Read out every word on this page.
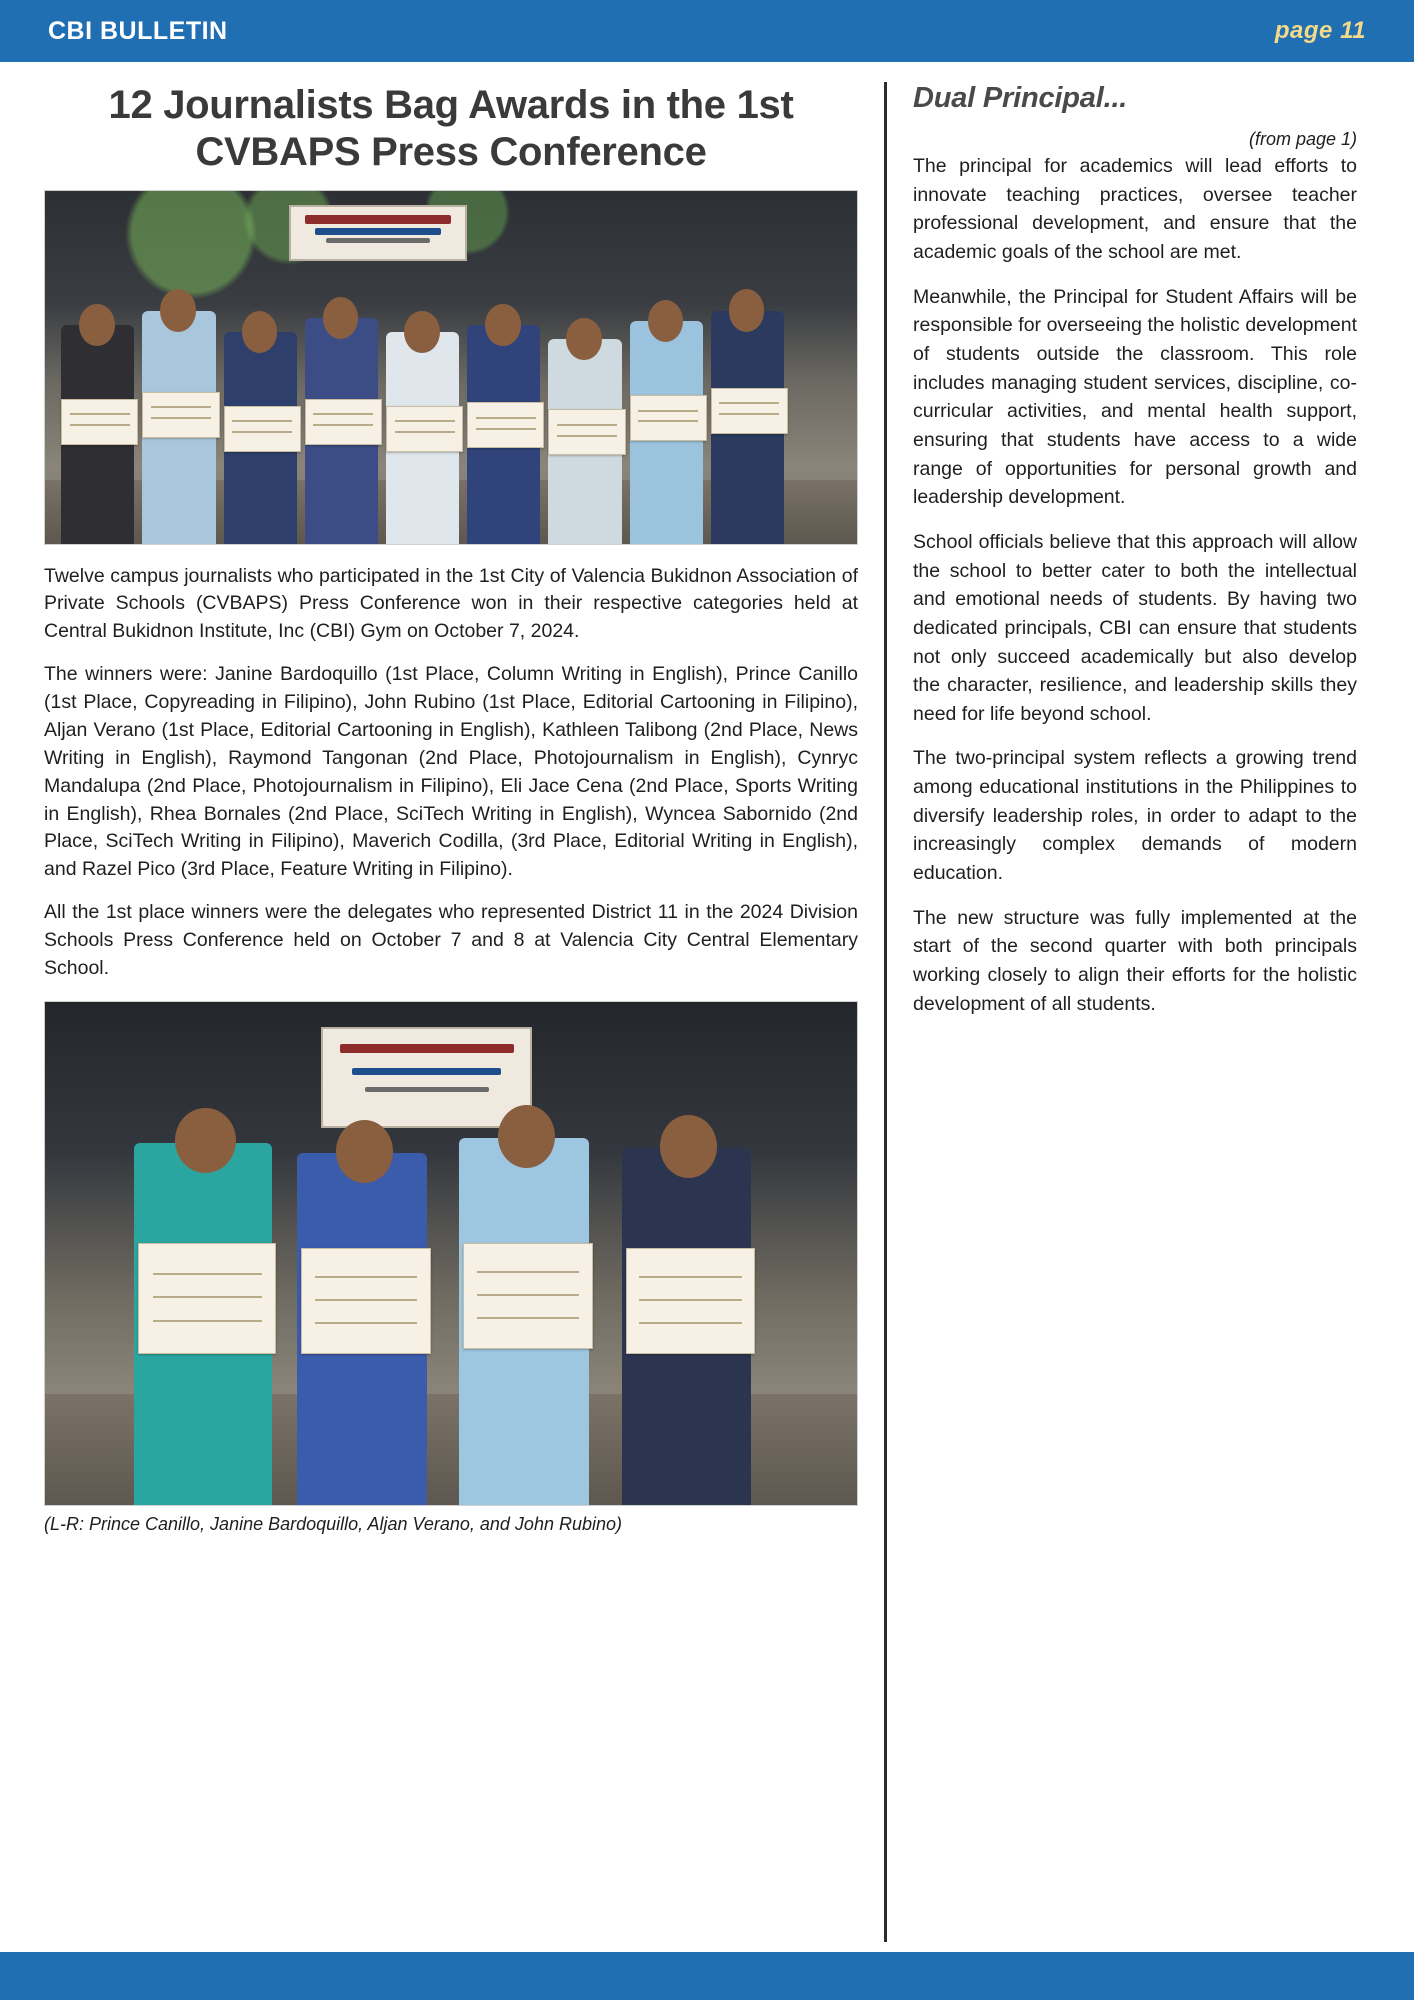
CBI BULLETIN	page 11
12 Journalists Bag Awards in the 1st CVBAPS Press Conference

Twelve campus journalists who participated in the 1st City of Valencia Bukidnon Association of Private Schools (CVBAPS) Press Conference won in their respective categories held at Central Bukidnon Institute, Inc (CBI) Gym on October 7, 2024.

The winners were: Janine Bardoquillo (1st Place, Column Writing in English), Prince Canillo (1st Place, Copyreading in Filipino), John Rubino (1st Place, Editorial Cartooning in Filipino), Aljan Verano (1st Place, Editorial Cartooning in English), Kathleen Talibong (2nd Place, News Writing in English), Raymond Tangonan (2nd Place, Photojournalism in English), Cynryc Mandalupa (2nd Place, Photojournalism in Filipino), Eli Jace Cena (2nd Place, Sports Writing in English), Rhea Bornales (2nd Place, SciTech Writing in English), Wyncea Sabornido (2nd Place, SciTech Writing in Filipino), Maverich Codilla, (3rd Place, Editorial Writing in English), and Razel Pico (3rd Place, Feature Writing in Filipino).

All the 1st place winners were the delegates who represented District 11 in the 2024 Division Schools Press Conference held on October 7 and 8 at Valencia City Central Elementary School.

(L-R: Prince Canillo, Janine Bardoquillo, Aljan Verano, and John Rubino)

Dual Principal...

(from page 1)

The principal for academics will lead efforts to innovate teaching practices, oversee teacher professional development, and ensure that the academic goals of the school are met.

Meanwhile, the Principal for Student Affairs will be responsible for overseeing the holistic development of students outside the classroom. This role includes managing student services, discipline, co-curricular activities, and mental health support, ensuring that students have access to a wide range of opportunities for personal growth and leadership development.

School officials believe that this approach will allow the school to better cater to both the intellectual and emotional needs of students. By having two dedicated principals, CBI can ensure that students not only succeed academically but also develop the character, resilience, and leadership skills they need for life beyond school.

The two-principal system reflects a growing trend among educational institutions in the Philippines to diversify leadership roles, in order to adapt to the increasingly complex demands of modern education.

The new structure was fully implemented at the start of the second quarter with both principals working closely to align their efforts for the holistic development of all students.
